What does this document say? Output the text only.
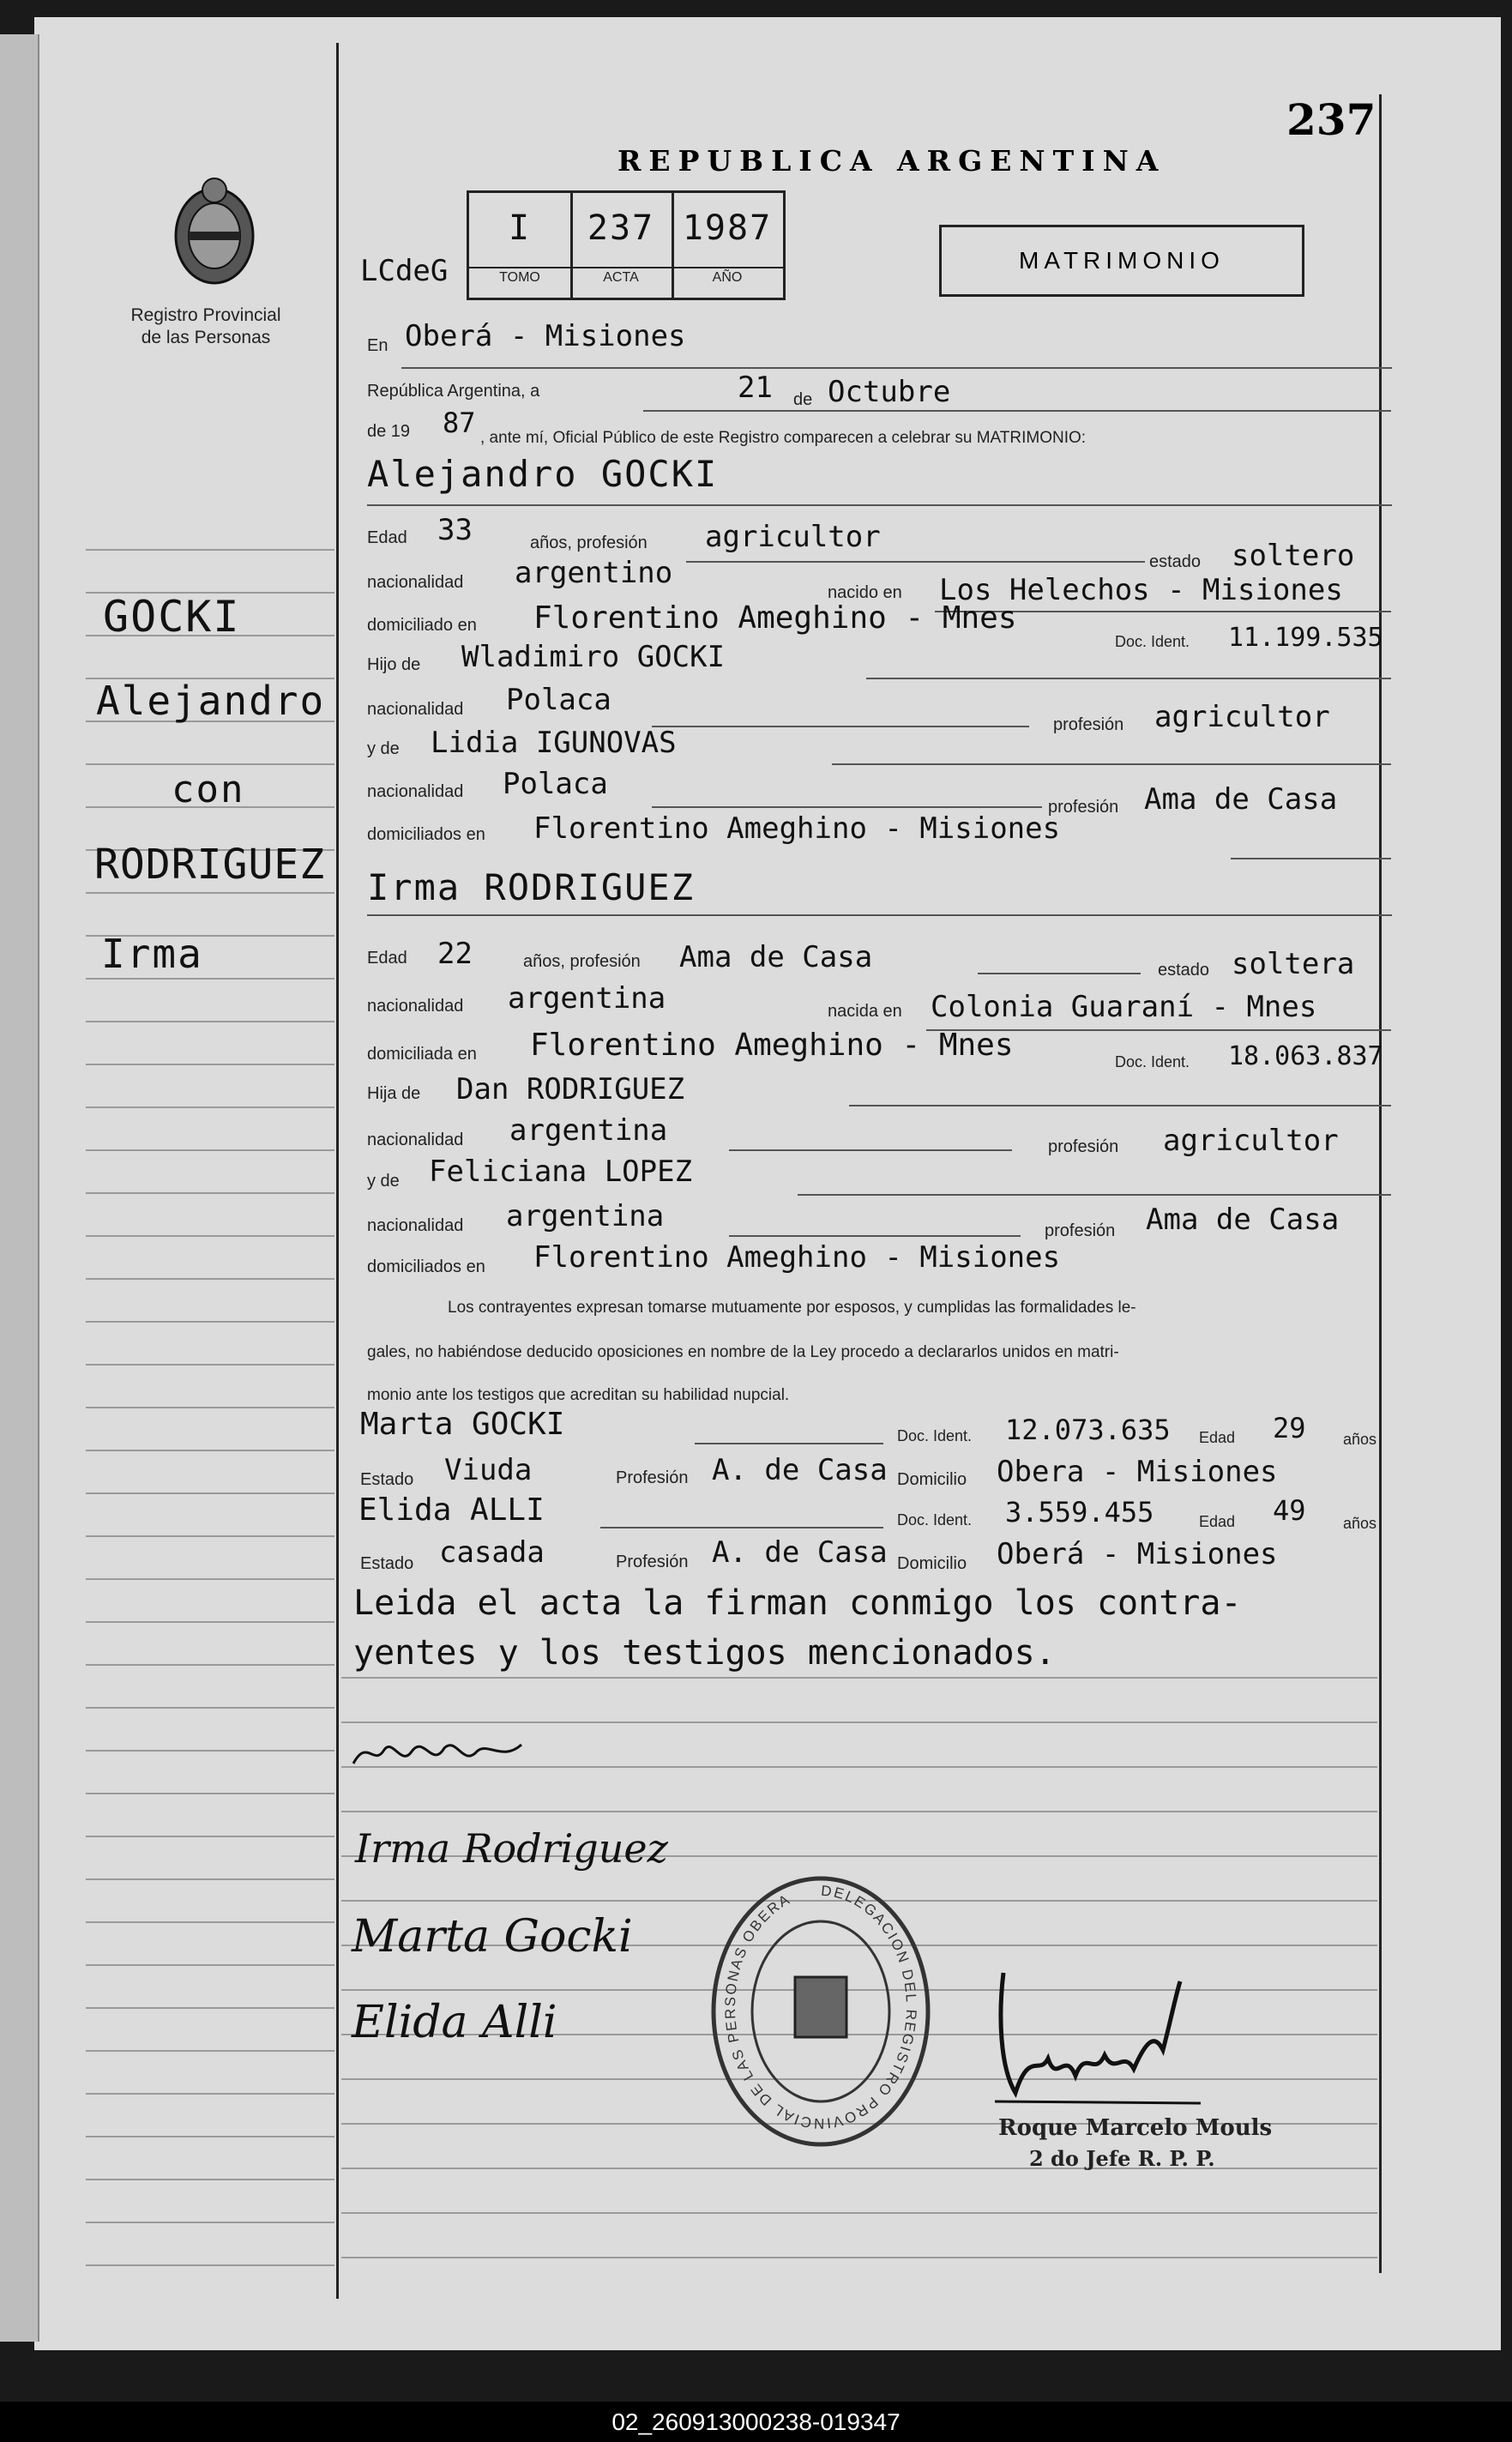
237
Registro Provincial de las Personas
REPUBLICA ARGENTINA
MATRIMONIO
LCdeG
I	237 1987
TOMO	ACTA	AÑO
GOCKI
Alejandro
con
RODRIGUEZ
Irma
En Oberá - Misiones
República Argentina, a	21 de Octubre
de 19 87 , ante mí, Oficial Público de este Registro comparecen a celebrar su MATRIMONIO:
Alejandro GOCKI
Edad 33	años, profesión agricultor
estado soltero
nacionalidad argentino
nacido en Los Helechos - Misiones
domiciliado en Florentino Ameghino - Mnes
Doc. Ident. 11.199.535
Hijo de Wladimiro GOCKI
nacionalidad Polaca
profesión agricultor
y de Lidia IGUNOVAS
nacionalidad Polaca
profesión Ama de Casa
domiciliados en Florentino Ameghino - Misiones
Irma RODRIGUEZ
Edad 22	años, profesión Ama de Casa	estado soltera
nacionalidad argentina	nacida en Colonia Guaraní - Mnes
domiciliada en Florentino Ameghino - Mnes	Doc. Ident. 18.063.837
Hija de Dan RODRIGUEZ
nacionalidad argentina	profesión agricultor
y de Feliciana LOPEZ
nacionalidad argentina	profesión Ama de Casa
domiciliados en Florentino Ameghino - Misiones
Los contrayentes expresan tomarse mutuamente por esposos, y cumplidas las formalidades le-
gales, no habiéndose deducido oposiciones en nombre de la Ley procedo a declararlos unidos en matri-
monio ante los testigos que acreditan su habilidad nupcial.
Marta GOCKI	Doc. Ident. 12.073.635 Edad 29 años
Estado Viuda	Profesión A. de Casa Domicilio Obera - Misiones
Elida ALLI	Doc. Ident. 3.559.455	Edad 49 años
Estado casada	Profesión A. de Casa Domicilio Oberá - Misiones
Leida el acta la firman conmigo los contra-
yentes y los testigos mencionados.
Irma Rodriguez
Marta Gocki
Elida Alli
DELEGACION DEL REGISTRO PROVINCIAL DE LAS PERSONAS OBERA
Roque Marcelo Mouls
2 do Jefe R. P. P.
02_260913000238-019347
